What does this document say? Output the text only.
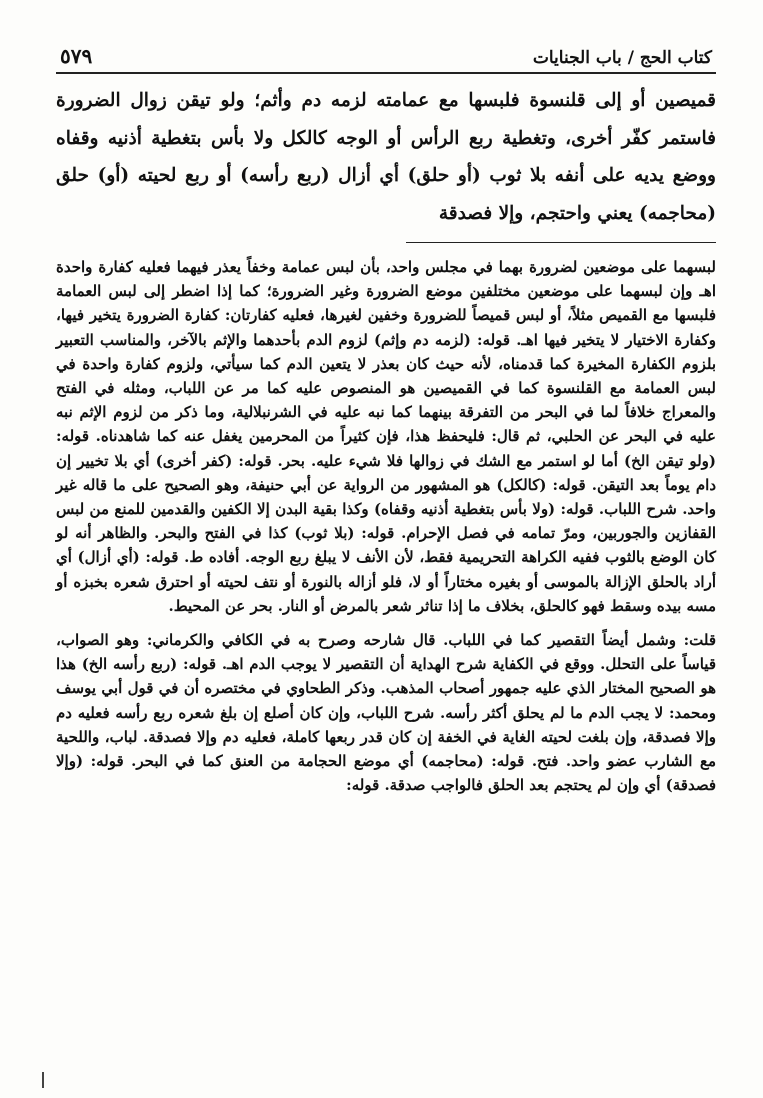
كتاب الحج / باب الجنايات
٥٧٩
قميصين أو إلى قلنسوة فلبسها مع عمامته لزمه دم وأثم؛ ولو تيقن زوال الضرورة فاستمر كفّر أخرى، وتغطية ربع الرأس أو الوجه كالكل ولا بأس بتغطية أذنيه وقفاه ووضع يديه على أنفه بلا ثوب (أو حلق) أي أزال (ربع رأسه) أو ربع لحيته (أو) حلق (محاجمه) يعني واحتجم، وإلا فصدقة

لبسهما على موضعين لضرورة بهما في مجلس واحد، بأن لبس عمامة وخفاً يعذر فيهما فعليه كفارة واحدة اهـ وإن لبسهما على موضعين مختلفين موضع الضرورة وغير الضرورة؛ كما إذا اضطر إلى لبس العمامة فلبسها مع القميص مثلاً، أو لبس قميصاً للضرورة وخفين لغيرها، فعليه كفارتان: كفارة الضرورة يتخير فيها، وكفارة الاختيار لا يتخير فيها اهـ. قوله: (لزمه دم وإثم) لزوم الدم بأحدهما والإثم بالآخر، والمناسب التعبير بلزوم الكفارة المخيرة كما قدمناه، لأنه حيث كان بعذر لا يتعين الدم كما سيأتي، ولزوم كفارة واحدة في لبس العمامة مع القلنسوة كما في القميصين هو المنصوص عليه كما مر عن اللباب، ومثله في الفتح والمعراج خلافاً لما في البحر من التفرقة بينهما كما نبه عليه في الشرنبلالية، وما ذكر من لزوم الإثم نبه عليه في البحر عن الحلبي، ثم قال: فليحفظ هذا، فإن كثيراً من المحرمين يغفل عنه كما شاهدناه. قوله: (ولو تيقن الخ) أما لو استمر مع الشك في زوالها فلا شيء عليه. بحر. قوله: (كفر أخرى) أي بلا تخيير إن دام يوماً بعد التيقن. قوله: (كالكل) هو المشهور من الرواية عن أبي حنيفة، وهو الصحيح على ما قاله غير واحد. شرح اللباب. قوله: (ولا بأس بتغطية أذنيه وقفاه) وكذا بقية البدن إلا الكفين والقدمين للمنع من لبس القفازين والجوربين، ومرّ تمامه في فصل الإحرام. قوله: (بلا ثوب) كذا في الفتح والبحر. والظاهر أنه لو كان الوضع بالثوب ففيه الكراهة التحريمية فقط، لأن الأنف لا يبلغ ربع الوجه. أفاده ط. قوله: (أي أزال) أي أراد بالحلق الإزالة بالموسى أو بغيره مختاراً أو لا، فلو أزاله بالنورة أو نتف لحيته أو احترق شعره بخبزه أو مسه بيده وسقط فهو كالحلق، بخلاف ما إذا تناثر شعر بالمرض أو النار. بحر عن المحيط.

قلت: وشمل أيضاً التقصير كما في اللباب. قال شارحه وصرح به في الكافي والكرماني: وهو الصواب، قياساً على التحلل. ووقع في الكفاية شرح الهداية أن التقصير لا يوجب الدم اهـ. قوله: (ربع رأسه الخ) هذا هو الصحيح المختار الذي عليه جمهور أصحاب المذهب. وذكر الطحاوي في مختصره أن في قول أبي يوسف ومحمد: لا يجب الدم ما لم يحلق أكثر رأسه. شرح اللباب، وإن كان أصلع إن بلغ شعره ربع رأسه فعليه دم وإلا فصدقة، وإن بلغت لحيته الغاية في الخفة إن كان قدر ربعها كاملة، فعليه دم وإلا فصدقة. لباب، واللحية مع الشارب عضو واحد. فتح. قوله: (محاجمه) أي موضع الحجامة من العنق كما في البحر. قوله: (وإلا فصدقة) أي وإن لم يحتجم بعد الحلق فالواجب صدقة. قوله:
